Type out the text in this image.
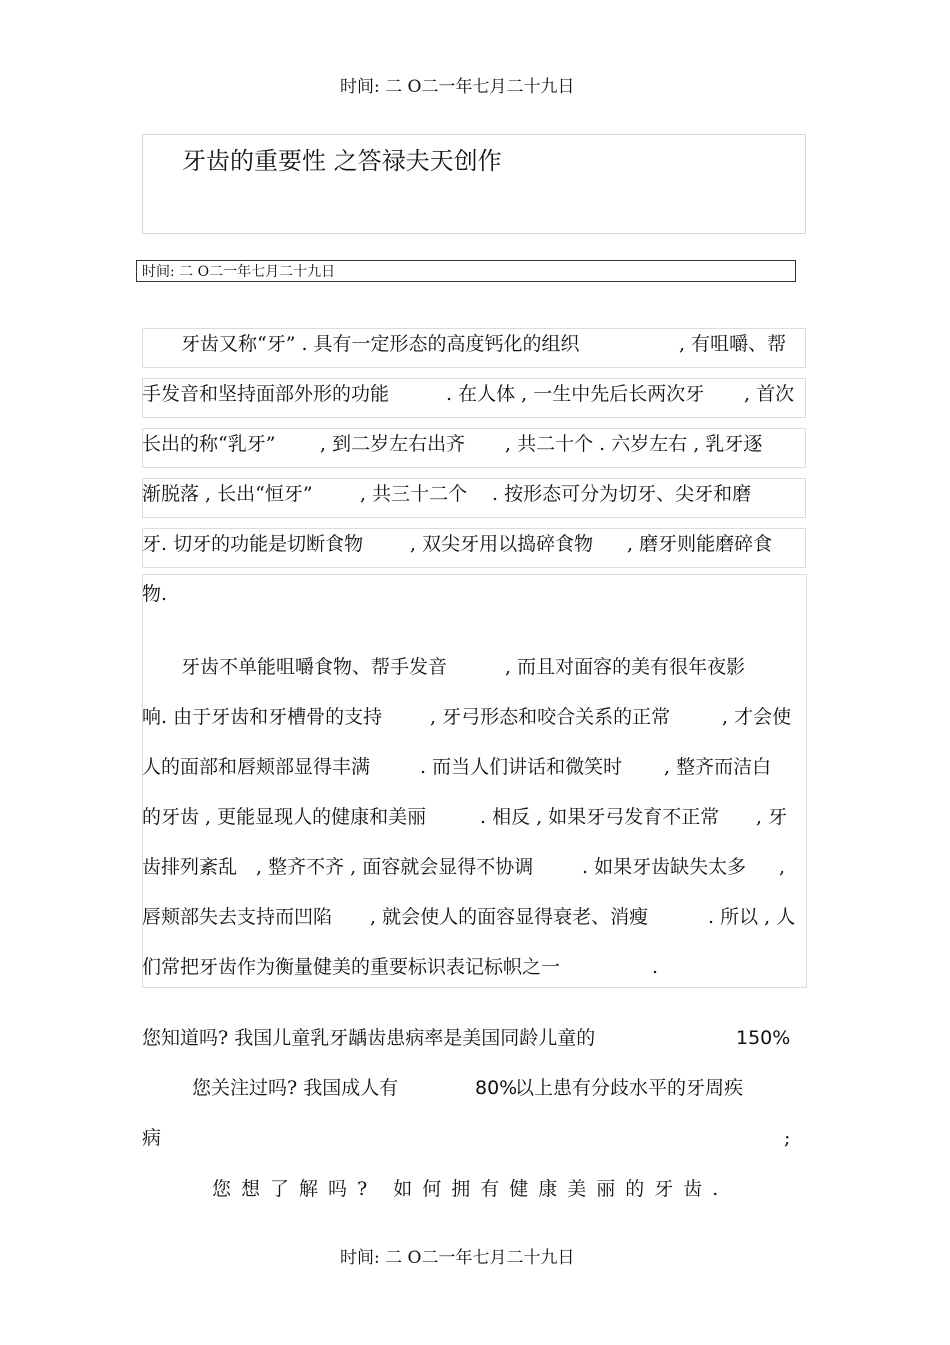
时间: 二 O二一年七月二十九日
牙齿的重要性 之答禄夫天创作
时间: 二 O二一年七月二十九日
牙齿又称“牙” . 具有一定形态的高度钙化的组织	, 有咀嚼、帮
手发音和坚持面部外形的功能	. 在人体 , 一生中先后长两次牙 , 首次
长出的称“乳牙” , 到二岁左右出齐 , 共二十个 . 六岁左右 , 乳牙逐
渐脱落 , 长出“恒牙” , 共三十二个 . 按形态可分为切牙、尖牙和磨
牙. 切牙的功能是切断食物 , 双尖牙用以捣碎食物 , 磨牙则能磨碎食
物.
牙齿不单能咀嚼食物、帮手发音	, 而且对面容的美有很年夜影
响. 由于牙齿和牙槽骨的支持	, 牙弓形态和咬合关系的正常	, 才会使
人的面部和唇颊部显得丰满	. 而当人们讲话和微笑时 , 整齐而洁白
的牙齿 , 更能显现人的健康和美丽	. 相反 , 如果牙弓发育不正常 , 牙
齿排列紊乱 , 整齐不齐 , 面容就会显得不协调	. 如果牙齿缺失太多 ,
唇颊部失去支持而凹陷 , 就会使人的面容显得衰老、消瘦	. 所以 , 人
们常把牙齿作为衡量健美的重要标识表记标帜之一	.
您知道吗? 我国儿童乳牙龋齿患病率是美国同龄儿童的	150%
您关注过吗? 我国成人有	80%
以上患有分歧水平的牙周疾
病	;
您想了解吗? 如何拥有健康美丽的牙齿.
时间: 二 O二一年七月二十九日
